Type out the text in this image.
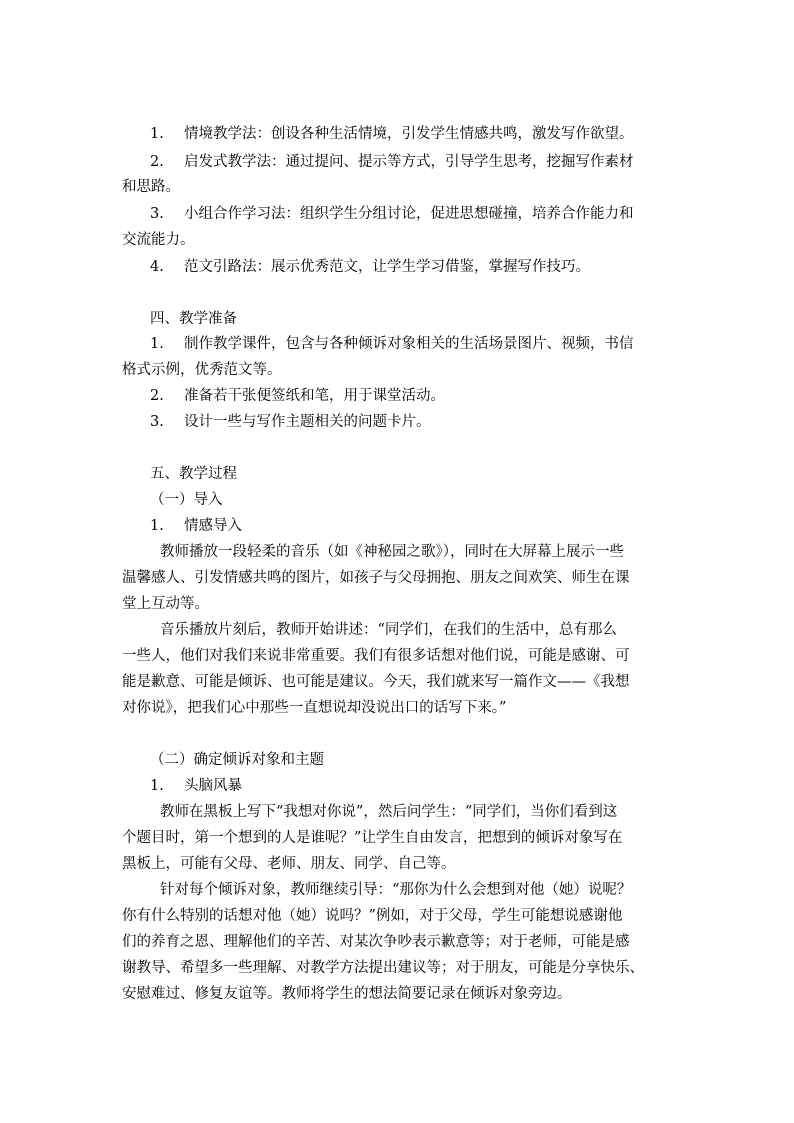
1. 情境教学法：创设各种生活情境，引发学生情感共鸣，激发写作欲望。
2. 启发式教学法：通过提问、提示等方式，引导学生思考，挖掘写作素材
和思路。
3. 小组合作学习法：组织学生分组讨论，促进思想碰撞，培养合作能力和
交流能力。
4. 范文引路法：展示优秀范文，让学生学习借鉴，掌握写作技巧。
四、教学准备
1. 制作教学课件，包含与各种倾诉对象相关的生活场景图片、视频，书信
格式示例，优秀范文等。
2. 准备若干张便签纸和笔，用于课堂活动。
3. 设计一些与写作主题相关的问题卡片。
五、教学过程
（一）导入
1. 情感导入
教师播放一段轻柔的音乐（如《神秘园之歌》），同时在大屏幕上展示一些
温馨感人、引发情感共鸣的图片，如孩子与父母拥抱、朋友之间欢笑、师生在课
堂上互动等。
音乐播放片刻后，教师开始讲述：“同学们，在我们的生活中，总有那么
一些人，他们对我们来说非常重要。我们有很多话想对他们说，可能是感谢、可
能是歉意、可能是倾诉、也可能是建议。今天，我们就来写一篇作文——《我想
对你说》，把我们心中那些一直想说却没说出口的话写下来。”
（二）确定倾诉对象和主题
1. 头脑风暴
教师在黑板上写下“我想对你说”，然后问学生：“同学们，当你们看到这
个题目时，第一个想到的人是谁呢？”让学生自由发言，把想到的倾诉对象写在
黑板上，可能有父母、老师、朋友、同学、自己等。
针对每个倾诉对象，教师继续引导：“那你为什么会想到对他（她）说呢？
你有什么特别的话想对他（她）说吗？”例如，对于父母，学生可能想说感谢他
们的养育之恩、理解他们的辛苦、对某次争吵表示歉意等；对于老师，可能是感
谢教导、希望多一些理解、对教学方法提出建议等；对于朋友，可能是分享快乐、
安慰难过、修复友谊等。教师将学生的想法简要记录在倾诉对象旁边。
